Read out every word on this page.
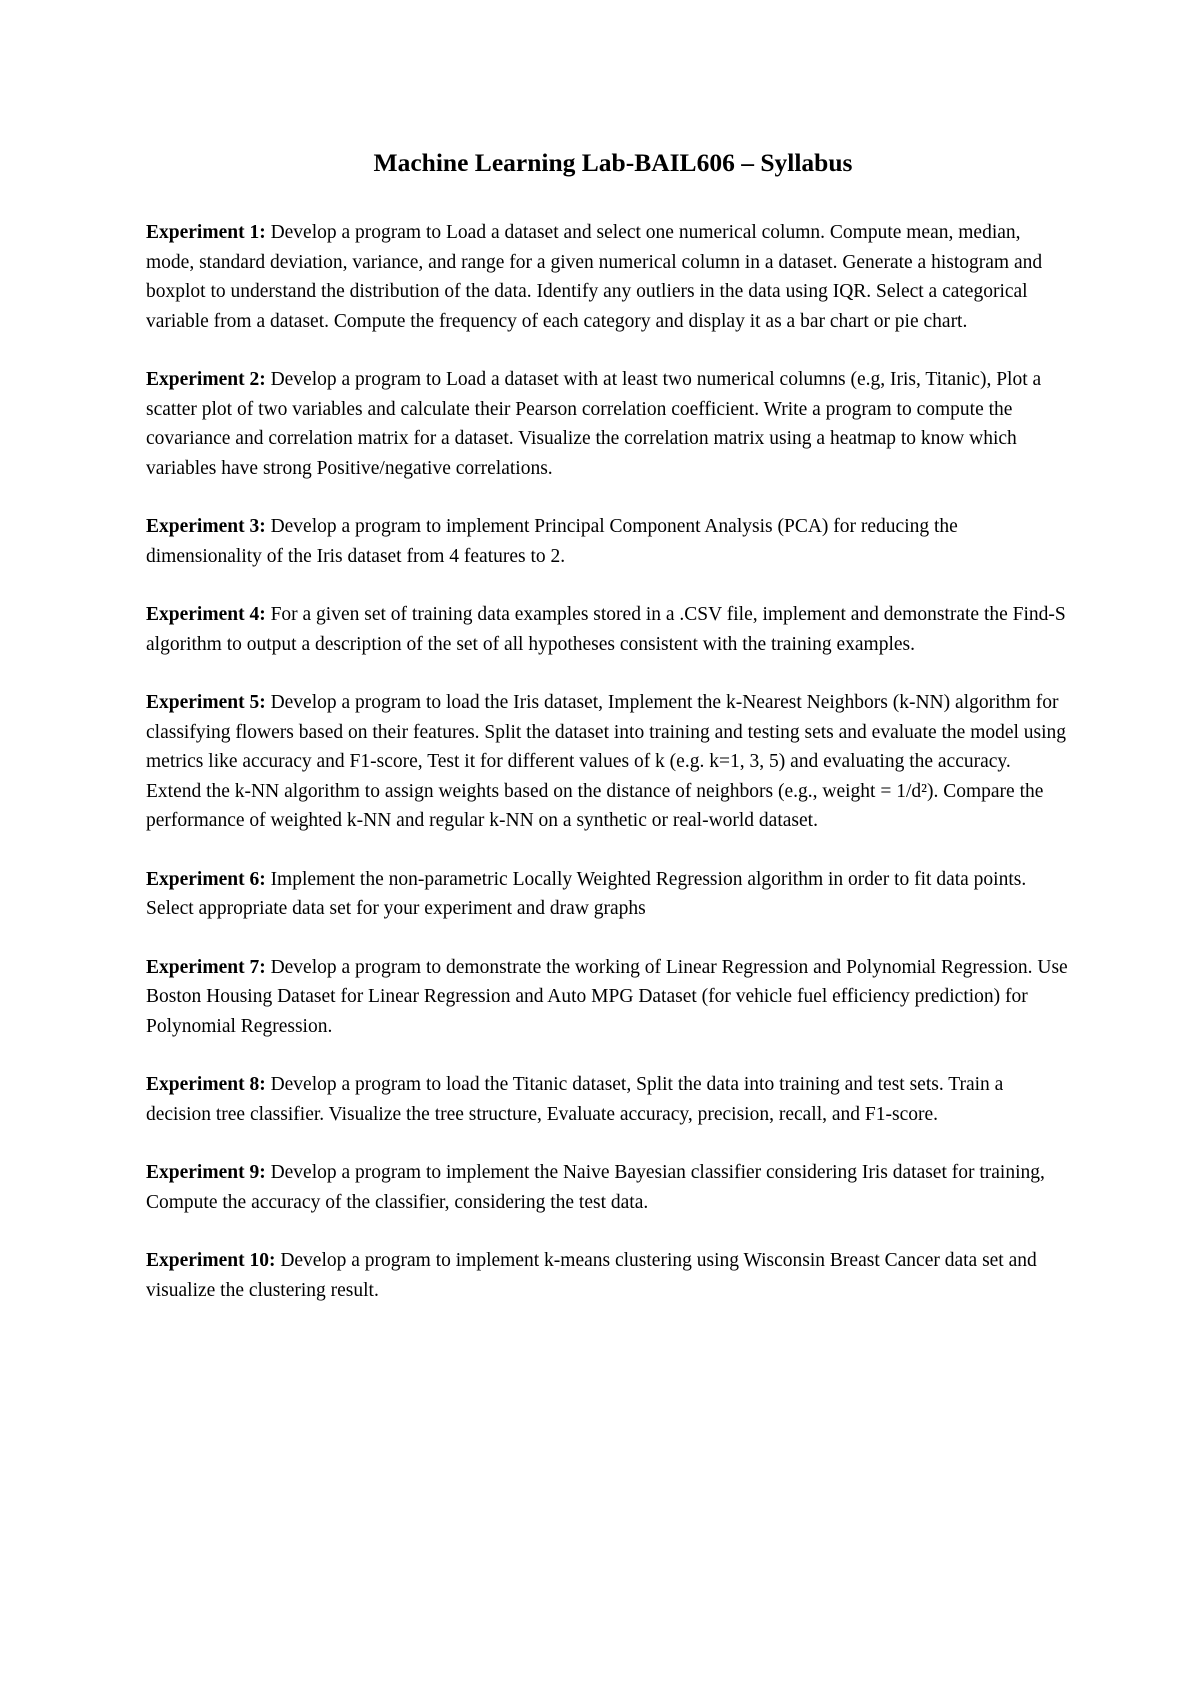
Machine Learning Lab-BAIL606 – Syllabus

Experiment 1: Develop a program to Load a dataset and select one numerical column. Compute mean, median, mode, standard deviation, variance, and range for a given numerical column in a dataset. Generate a histogram and boxplot to understand the distribution of the data. Identify any outliers in the data using IQR. Select a categorical variable from a dataset. Compute the frequency of each category and display it as a bar chart or pie chart.

Experiment 2: Develop a program to Load a dataset with at least two numerical columns (e.g, Iris, Titanic), Plot a scatter plot of two variables and calculate their Pearson correlation coefficient. Write a program to compute the covariance and correlation matrix for a dataset. Visualize the correlation matrix using a heatmap to know which variables have strong Positive/negative correlations.

Experiment 3: Develop a program to implement Principal Component Analysis (PCA) for reducing the dimensionality of the Iris dataset from 4 features to 2.

Experiment 4: For a given set of training data examples stored in a .CSV file, implement and demonstrate the Find-S algorithm to output a description of the set of all hypotheses consistent with the training examples.

Experiment 5: Develop a program to load the Iris dataset, Implement the k-Nearest Neighbors (k-NN) algorithm for classifying flowers based on their features. Split the dataset into training and testing sets and evaluate the model using metrics like accuracy and F1-score, Test it for different values of k (e.g. k=1, 3, 5) and evaluating the accuracy. Extend the k-NN algorithm to assign weights based on the distance of neighbors (e.g., weight = 1/d²). Compare the performance of weighted k-NN and regular k-NN on a synthetic or real-world dataset.

Experiment 6: Implement the non-parametric Locally Weighted Regression algorithm in order to fit data points. Select appropriate data set for your experiment and draw graphs

Experiment 7: Develop a program to demonstrate the working of Linear Regression and Polynomial Regression. Use Boston Housing Dataset for Linear Regression and Auto MPG Dataset (for vehicle fuel efficiency prediction) for Polynomial Regression.

Experiment 8: Develop a program to load the Titanic dataset, Split the data into training and test sets. Train a decision tree classifier. Visualize the tree structure, Evaluate accuracy, precision, recall, and F1-score.

Experiment 9: Develop a program to implement the Naive Bayesian classifier considering Iris dataset for training, Compute the accuracy of the classifier, considering the test data.

Experiment 10: Develop a program to implement k-means clustering using Wisconsin Breast Cancer data set and visualize the clustering result.
